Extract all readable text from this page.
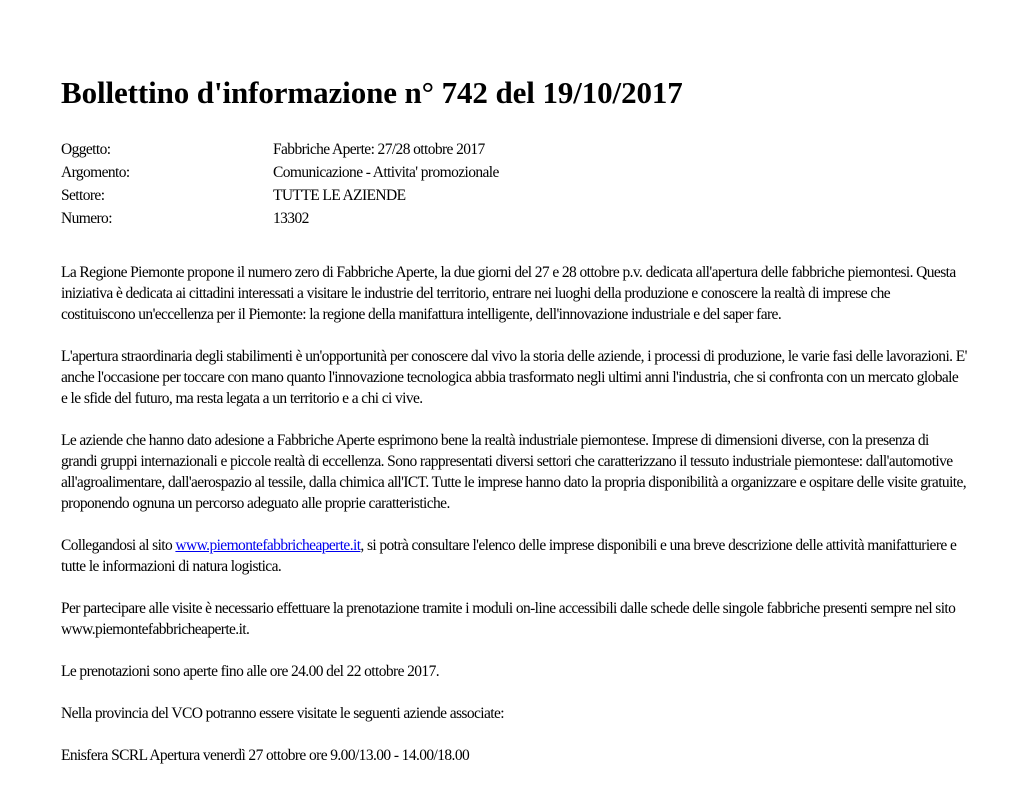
Bollettino d'informazione n° 742 del 19/10/2017
Oggetto:	Fabbriche Aperte: 27/28 ottobre 2017
Argomento:	Comunicazione - Attivita' promozionale
Settore:	TUTTE LE AZIENDE
Numero:	13302

La Regione Piemonte propone il numero zero di Fabbriche Aperte, la due giorni del 27 e 28 ottobre p.v. dedicata all'apertura delle fabbriche piemontesi. Questa iniziativa è dedicata ai cittadini interessati a visitare le industrie del territorio, entrare nei luoghi della produzione e conoscere la realtà di imprese che costituiscono un'eccellenza per il Piemonte: la regione della manifattura intelligente, dell'innovazione industriale e del saper fare.

L'apertura straordinaria degli stabilimenti è un'opportunità per conoscere dal vivo la storia delle aziende, i processi di produzione, le varie fasi delle lavorazioni. E' anche l'occasione per toccare con mano quanto l'innovazione tecnologica abbia trasformato negli ultimi anni l'industria, che si confronta con un mercato globale e le sfide del futuro, ma resta legata a un territorio e a chi ci vive.

Le aziende che hanno dato adesione a Fabbriche Aperte esprimono bene la realtà industriale piemontese. Imprese di dimensioni diverse, con la presenza di grandi gruppi internazionali e piccole realtà di eccellenza. Sono rappresentati diversi settori che caratterizzano il tessuto industriale piemontese: dall'automotive all'agroalimentare, dall'aerospazio al tessile, dalla chimica all'ICT. Tutte le imprese hanno dato la propria disponibilità a organizzare e ospitare delle visite gratuite, proponendo ognuna un percorso adeguato alle proprie caratteristiche.

Collegandosi al sito www.piemontefabbricheaperte.it, si potrà consultare l'elenco delle imprese disponibili e una breve descrizione delle attività manifatturiere e tutte le informazioni di natura logistica.

Per partecipare alle visite è necessario effettuare la prenotazione tramite i moduli on-line accessibili dalle schede delle singole fabbriche presenti sempre nel sito www.piemontefabbricheaperte.it.

Le prenotazioni sono aperte fino alle ore 24.00 del 22 ottobre 2017.

Nella provincia del VCO potranno essere visitate le seguenti aziende associate:

Enisfera SCRL Apertura venerdì 27 ottobre ore 9.00/13.00 - 14.00/18.00
